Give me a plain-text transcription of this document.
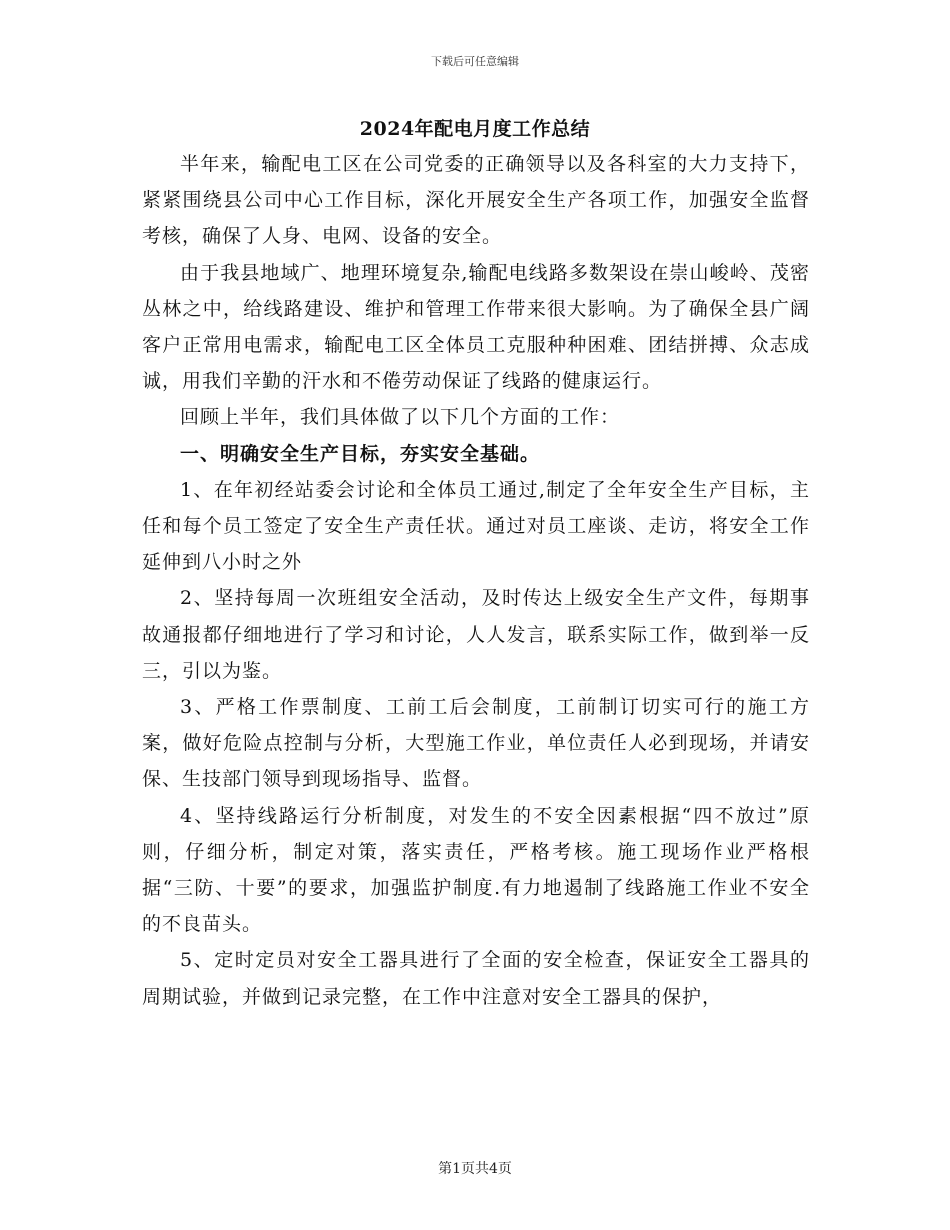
下载后可任意编辑
2024年配电月度工作总结

半年来，输配电工区在公司党委的正确领导以及各科室的大力支持下，紧紧围绕县公司中心工作目标，深化开展安全生产各项工作，加强安全监督考核，确保了人身、电网、设备的安全。

由于我县地域广、地理环境复杂,输配电线路多数架设在崇山峻岭、茂密丛林之中，给线路建设、维护和管理工作带来很大影响。为了确保全县广阔客户正常用电需求，输配电工区全体员工克服种种困难、团结拼搏、众志成诚，用我们辛勤的汗水和不倦劳动保证了线路的健康运行。

回顾上半年，我们具体做了以下几个方面的工作：

一、明确安全生产目标，夯实安全基础。

1、在年初经站委会讨论和全体员工通过,制定了全年安全生产目标，主任和每个员工签定了安全生产责任状。通过对员工座谈、走访，将安全工作延伸到八小时之外

2、坚持每周一次班组安全活动，及时传达上级安全生产文件，每期事故通报都仔细地进行了学习和讨论，人人发言，联系实际工作，做到举一反三，引以为鉴。

3、严格工作票制度、工前工后会制度，工前制订切实可行的施工方案，做好危险点控制与分析，大型施工作业，单位责任人必到现场，并请安保、生技部门领导到现场指导、监督。

4、坚持线路运行分析制度，对发生的不安全因素根据“四不放过”原则，仔细分析，制定对策，落实责任，严格考核。施工现场作业严格根据“三防、十要”的要求，加强监护制度.有力地遏制了线路施工作业不安全的不良苗头。

5、定时定员对安全工器具进行了全面的安全检查，保证安全工器具的周期试验，并做到记录完整，在工作中注意对安全工器具的保护，

第1页共4页
